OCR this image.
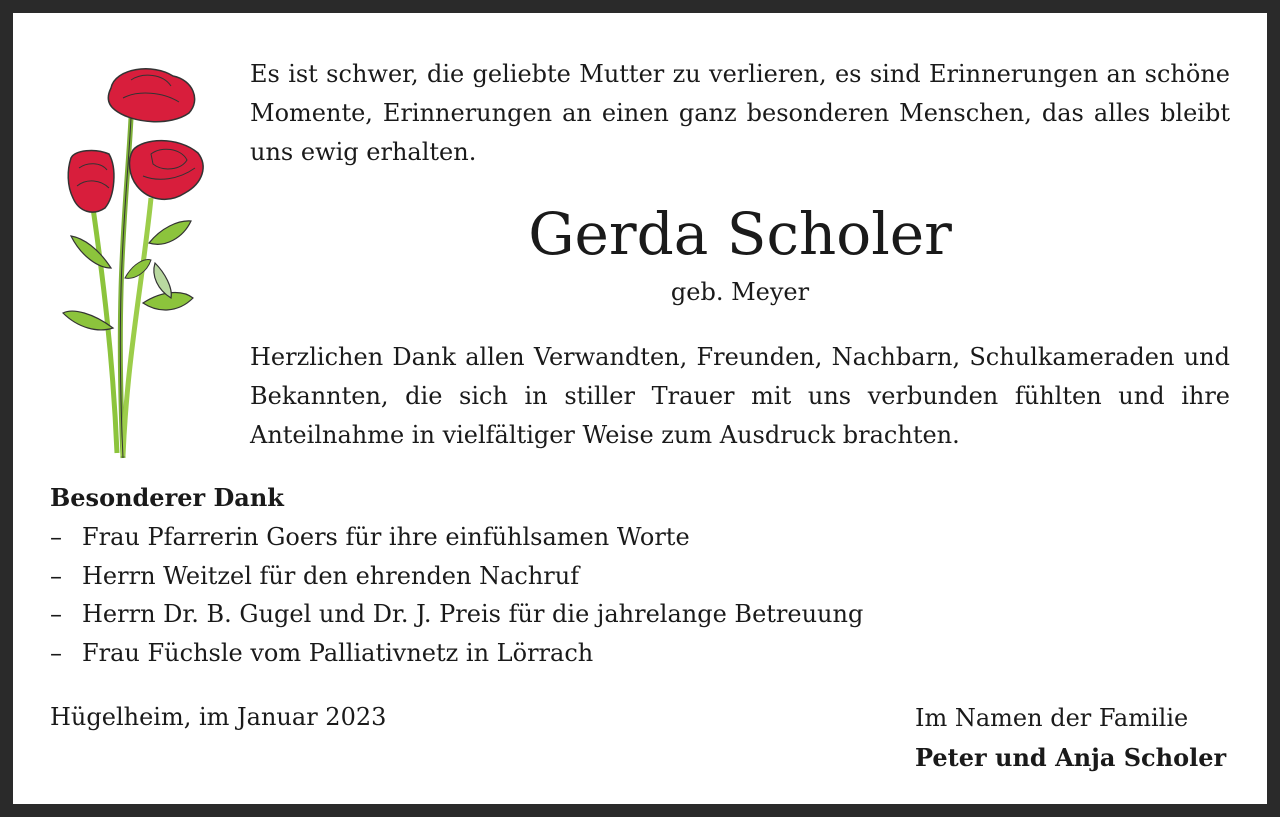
Es ist schwer, die geliebte Mutter zu verlieren, es sind Erinnerungen an schöne Momente, Erinnerungen an einen ganz besonderen Menschen, das alles bleibt uns ewig erhalten.
Gerda Scholer
geb. Meyer
Herzlichen Dank allen Verwandten, Freunden, Nachbarn, Schulkameraden und Bekannten, die sich in stiller Trauer mit uns verbunden fühlten und ihre Anteilnahme in vielfältiger Weise zum Ausdruck brachten.
Besonderer Dank
– Frau Pfarrerin Goers für ihre einfühlsamen Worte
– Herrn Weitzel für den ehrenden Nachruf
– Herrn Dr. B. Gugel und Dr. J. Preis für die jahrelange Betreuung
– Frau Füchsle vom Palliativnetz in Lörrach
Hügelheim, im Januar 2023	Im Namen der Familie
Peter und Anja Scholer
